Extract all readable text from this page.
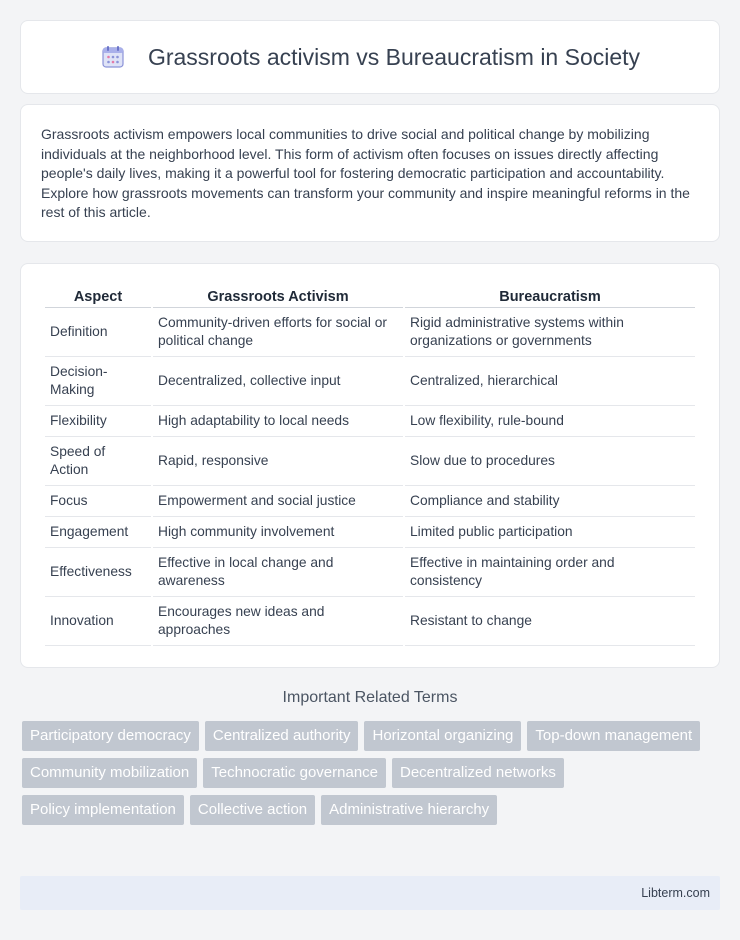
Grassroots activism vs Bureaucratism in Society

Grassroots activism empowers local communities to drive social and political change by mobilizing individuals at the neighborhood level. This form of activism often focuses on issues directly affecting people's daily lives, making it a powerful tool for fostering democratic participation and accountability. Explore how grassroots movements can transform your community and inspire meaningful reforms in the rest of this article.

Aspect	Grassroots Activism	Bureaucratism
Definition	Community-driven efforts for social or political change	Rigid administrative systems within organizations or governments
Decision-Making	Decentralized, collective input	Centralized, hierarchical
Flexibility	High adaptability to local needs	Low flexibility, rule-bound
Speed of Action	Rapid, responsive	Slow due to procedures
Focus	Empowerment and social justice	Compliance and stability
Engagement	High community involvement	Limited public participation
Effectiveness	Effective in local change and awareness	Effective in maintaining order and consistency
Innovation	Encourages new ideas and approaches	Resistant to change
Important Related Terms
Participatory democracy	Centralized authority	Horizontal organizing	Top-down management
Community mobilization	Technocratic governance	Decentralized networks
Policy implementation	Collective action	Administrative hierarchy
Libterm.com
